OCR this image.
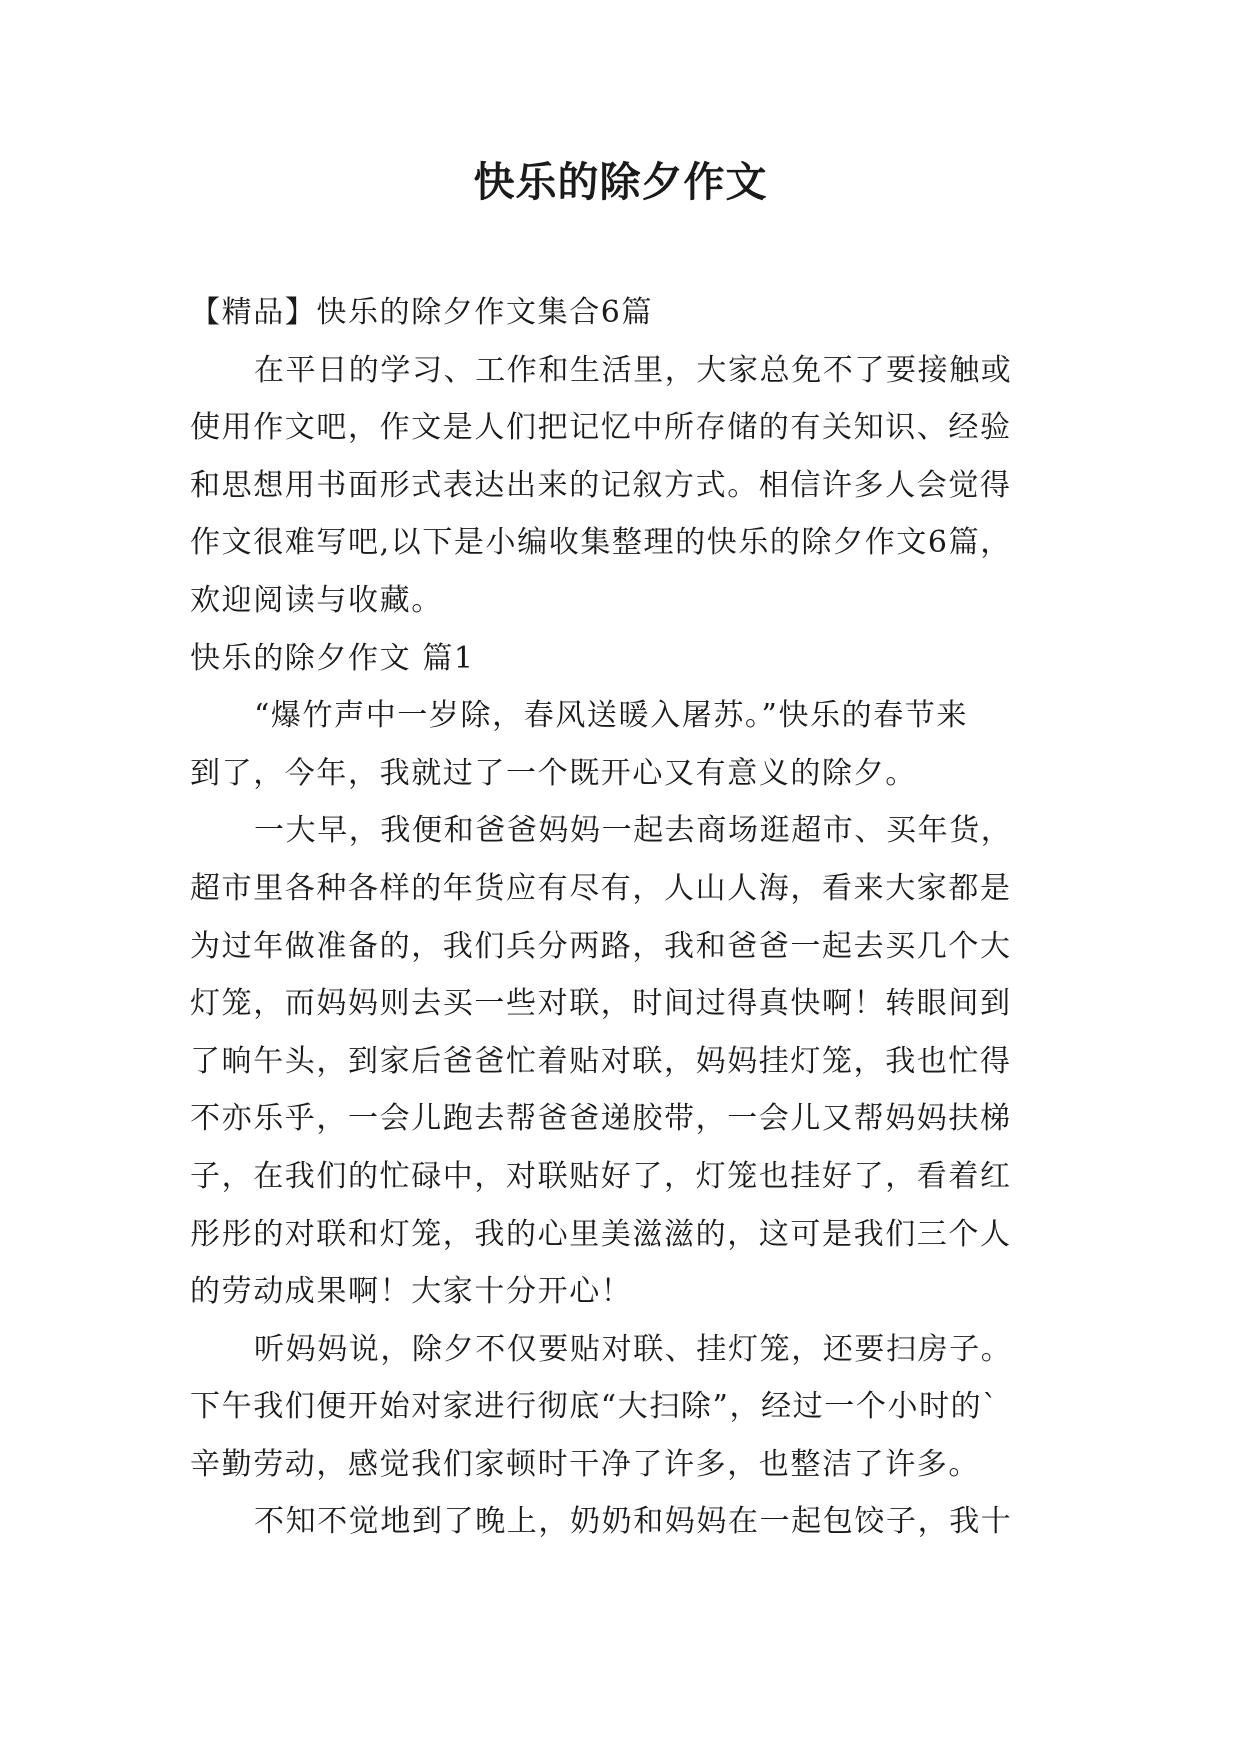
快乐的除夕作文
【精品】快乐的除夕作文集合6篇
在平日的学习、工作和生活里，大家总免不了要接触或
使用作文吧，作文是人们把记忆中所存储的有关知识、经验
和思想用书面形式表达出来的记叙方式。相信许多人会觉得
作文很难写吧,以下是小编收集整理的快乐的除夕作文6篇，
欢迎阅读与收藏。
快乐的除夕作文 篇1
“爆竹声中一岁除，春风送暖入屠苏。”快乐的春节来
到了，今年，我就过了一个既开心又有意义的除夕。
一大早，我便和爸爸妈妈一起去商场逛超市、买年货，
超市里各种各样的年货应有尽有，人山人海，看来大家都是
为过年做准备的，我们兵分两路，我和爸爸一起去买几个大
灯笼，而妈妈则去买一些对联，时间过得真快啊！转眼间到
了晌午头，到家后爸爸忙着贴对联，妈妈挂灯笼，我也忙得
不亦乐乎，一会儿跑去帮爸爸递胶带，一会儿又帮妈妈扶梯
子，在我们的忙碌中，对联贴好了，灯笼也挂好了，看着红
彤彤的对联和灯笼，我的心里美滋滋的，这可是我们三个人
的劳动成果啊！大家十分开心！
听妈妈说，除夕不仅要贴对联、挂灯笼，还要扫房子。
下午我们便开始对家进行彻底“大扫除”，经过一个小时的`
辛勤劳动，感觉我们家顿时干净了许多，也整洁了许多。
不知不觉地到了晚上，奶奶和妈妈在一起包饺子，我十
